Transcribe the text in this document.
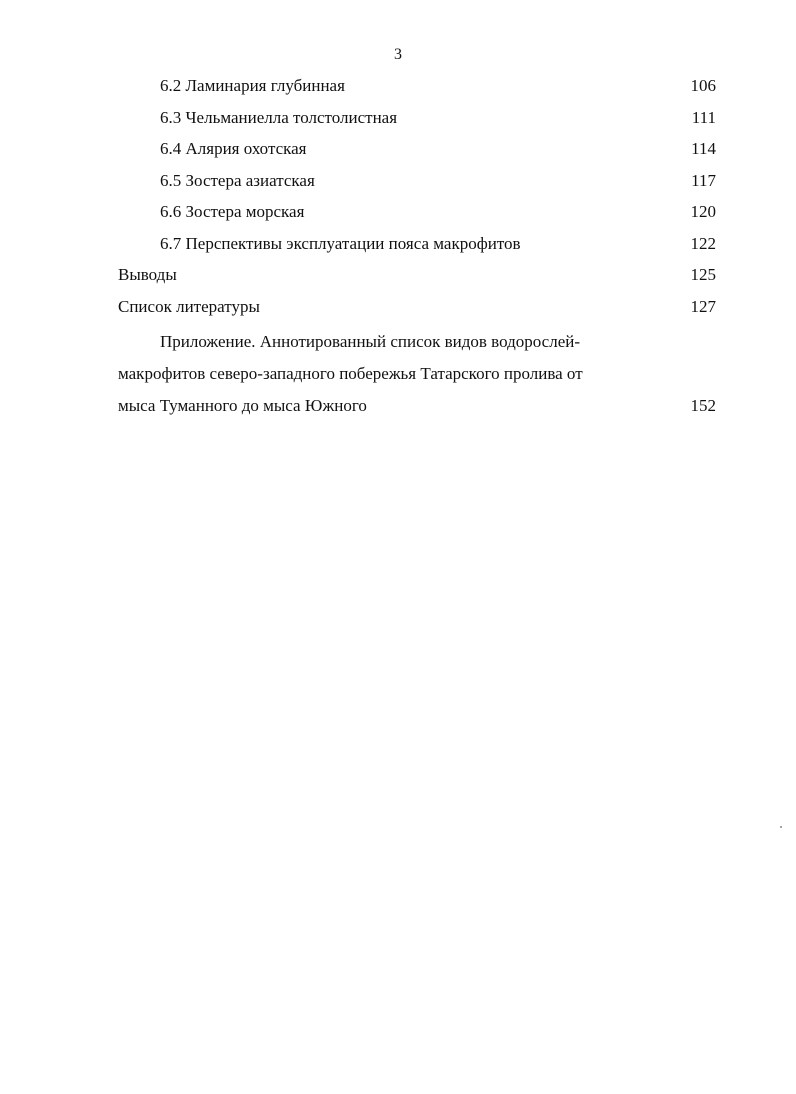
3
6.2 Ламинария глубинная	106
6.3 Чельманиелла толстолистная	111
6.4 Алярия охотская	114
6.5 Зостера азиатская	117
6.6 Зостера морская	120
6.7 Перспективы эксплуатации пояса макрофитов	122
Выводы	125
Список литературы	127
Приложение. Аннотированный список видов водорослей-
макрофитов северо-западного побережья Татарского пролива от
мыса Туманного до мыса Южного	152
